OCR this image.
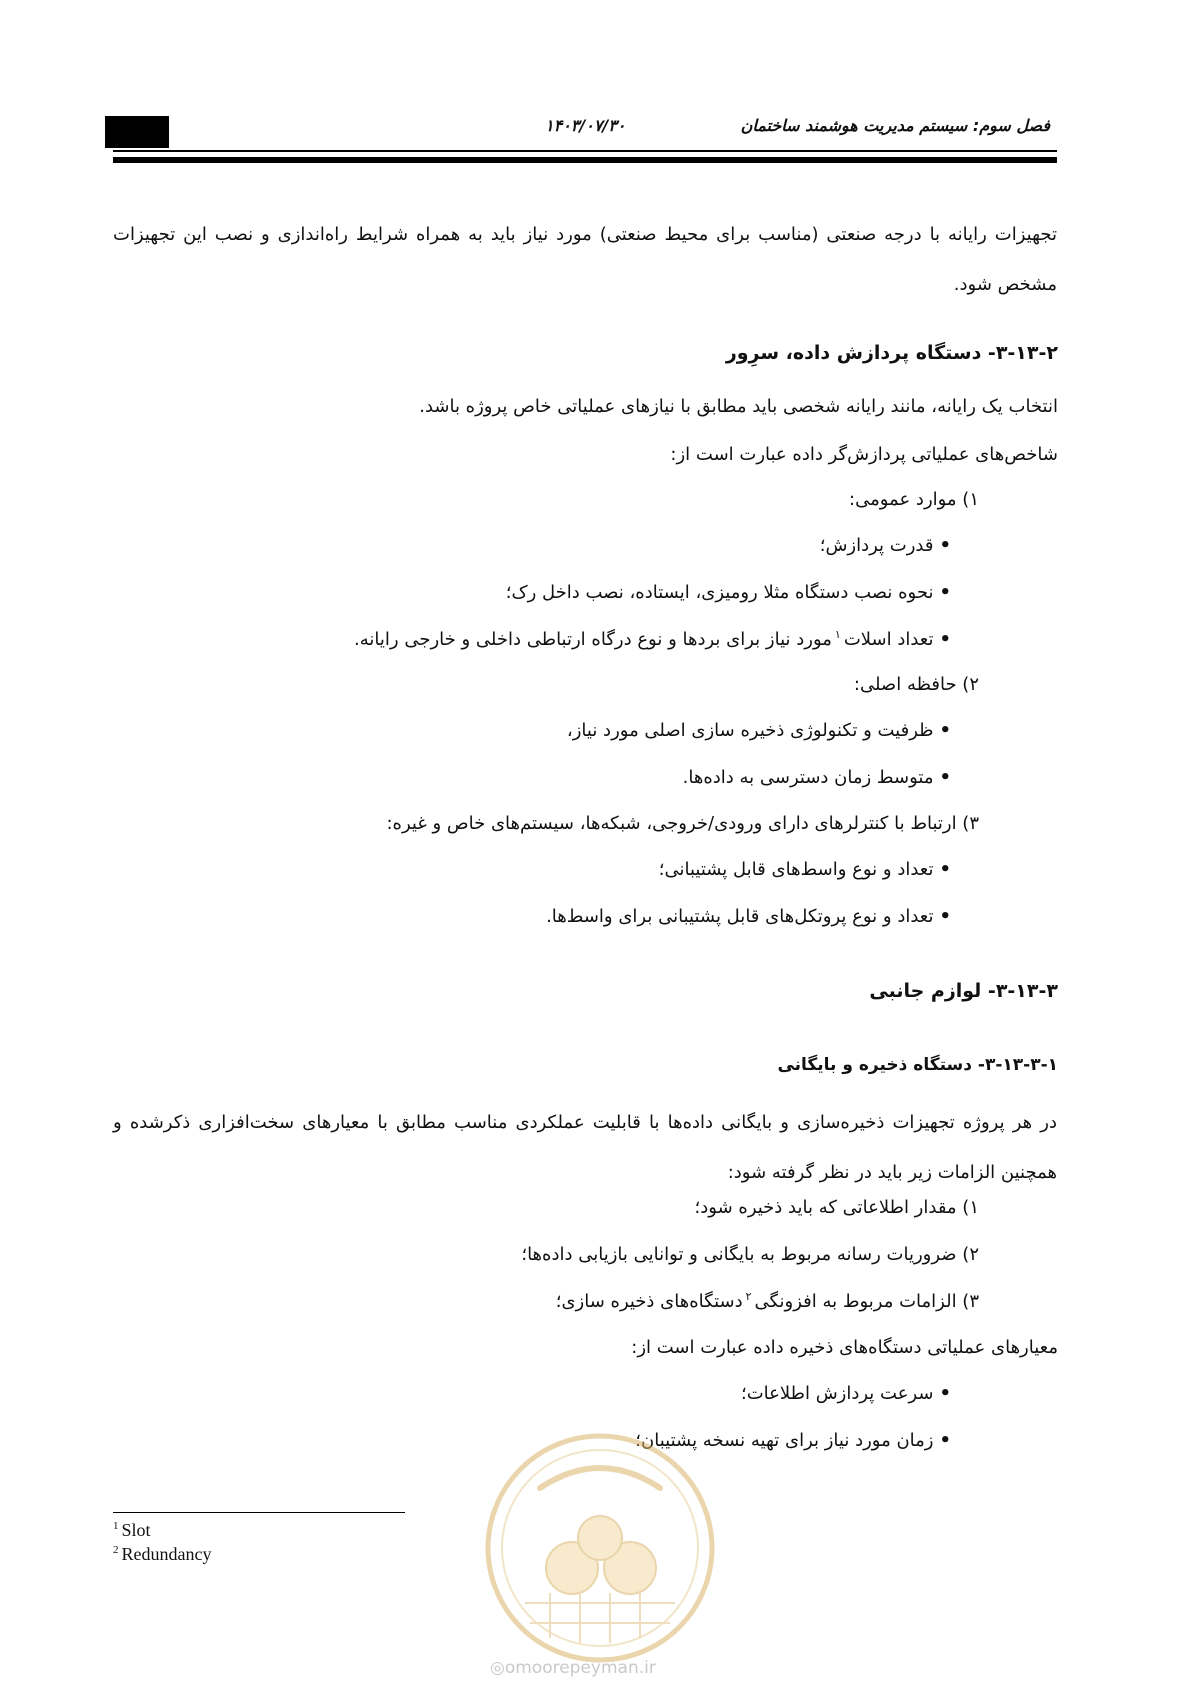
فصل سوم: سیستم مدیریت هوشمند ساختمان
۱۴۰۳/۰۷/۳۰
تجهیزات رایانه با درجه صنعتی (مناسب برای محیط صنعتی) مورد نیاز باید به همراه شرایط راه‌اندازی و نصب این تجهیزات مشخص شود.
۳-۱۳-۲- دستگاه پردازش داده، سرِور
انتخاب یک رایانه، مانند رایانه شخصی باید مطابق با نیازهای عملیاتی خاص پروژه باشد.
شاخص‌های عملیاتی پردازش‌گر داده عبارت است از:
۱) موارد عمومی:
•قدرت پردازش؛
•نحوه نصب دستگاه مثلا رومیزی، ایستاده، نصب داخل رک؛
•تعداد اسلات$^۱$مورد نیاز برای بردها و نوع درگاه ارتباطی داخلی و خارجی رایانه.
۲) حافظه اصلی:
•ظرفیت و تکنولوژی ذخیره سازی اصلی مورد نیاز،
•متوسط زمان دسترسی به داده‌ها.
۳) ارتباط با کنترلرهای دارای ورودی/خروجی، شبکه‌ها، سیستم‌های خاص و غیره:
•تعداد و نوع واسط‌های قابل پشتیبانی؛
•تعداد و نوع پروتکل‌های قابل پشتیبانی برای واسط‌ها.
۳-۱۳-۳- لوازم جانبی
۳-۱۳-۳-۱- دستگاه ذخیره و بایگانی
در هر پروژه تجهیزات ذخیره‌سازی و بایگانی داده‌ها با قابلیت عملکردی مناسب مطابق با معیارهای سخت‌افزاری ذکرشده و همچنین الزامات زیر باید در نظر گرفته شود:
۱) مقدار اطلاعاتی که باید ذخیره شود؛
۲) ضروریات رسانه مربوط به بایگانی و توانایی بازیابی داده‌ها؛
۳) الزامات مربوط به افزونگی$^۲$دستگاه‌های ذخیره سازی؛
معیارهای عملیاتی دستگاه‌های ذخیره داده عبارت است از:
•سرعت پردازش اطلاعات؛
•زمان مورد نیاز برای تهیه نسخه پشتیبان؛
$^1$ Slot
$^2$ Redundancy
◎omoorepeyman.ir
